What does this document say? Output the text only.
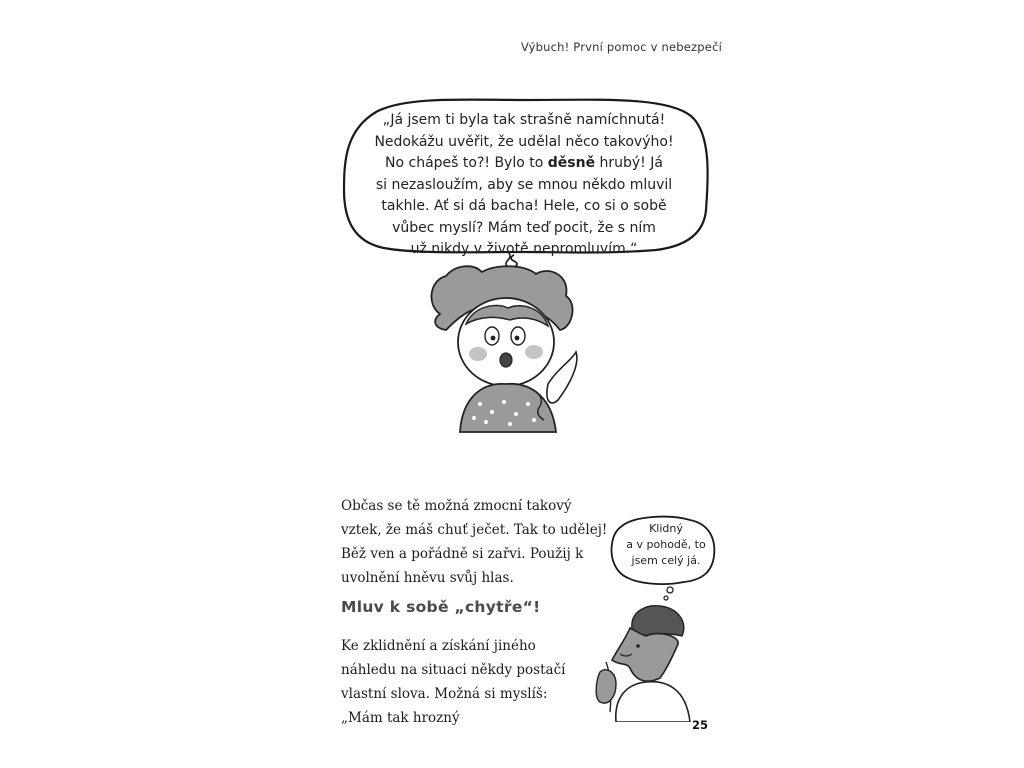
Výbuch! První pomoc v nebezpečí

„Já jsem ti byla tak strašně namíchnutá!

Nedokážu uvěřit, že udělal něco takovýho!

No chápeš to?! Bylo to děsně hrubý! Já

si nezasloužím, aby se mnou někdo mluvil

takhle. Ať si dá bacha! Hele, co si o sobě

vůbec myslí? Mám teď pocit, že s ním

už nikdy v životě nepromluvím.“

Občas se tě možná zmocní takový vztek, že máš chuť ječet. Tak to udělej! Běž ven a pořádně si zařvi. Použij k uvolnění hněvu svůj hlas.

Mluv k sobě „chytře“!

Ke zklidnění a získání jiného náhledu na situaci někdy postačí vlastní slova. Možná si myslíš: „Mám tak hrozný

Klidný

a v pohodě, to

jsem celý já.

25
